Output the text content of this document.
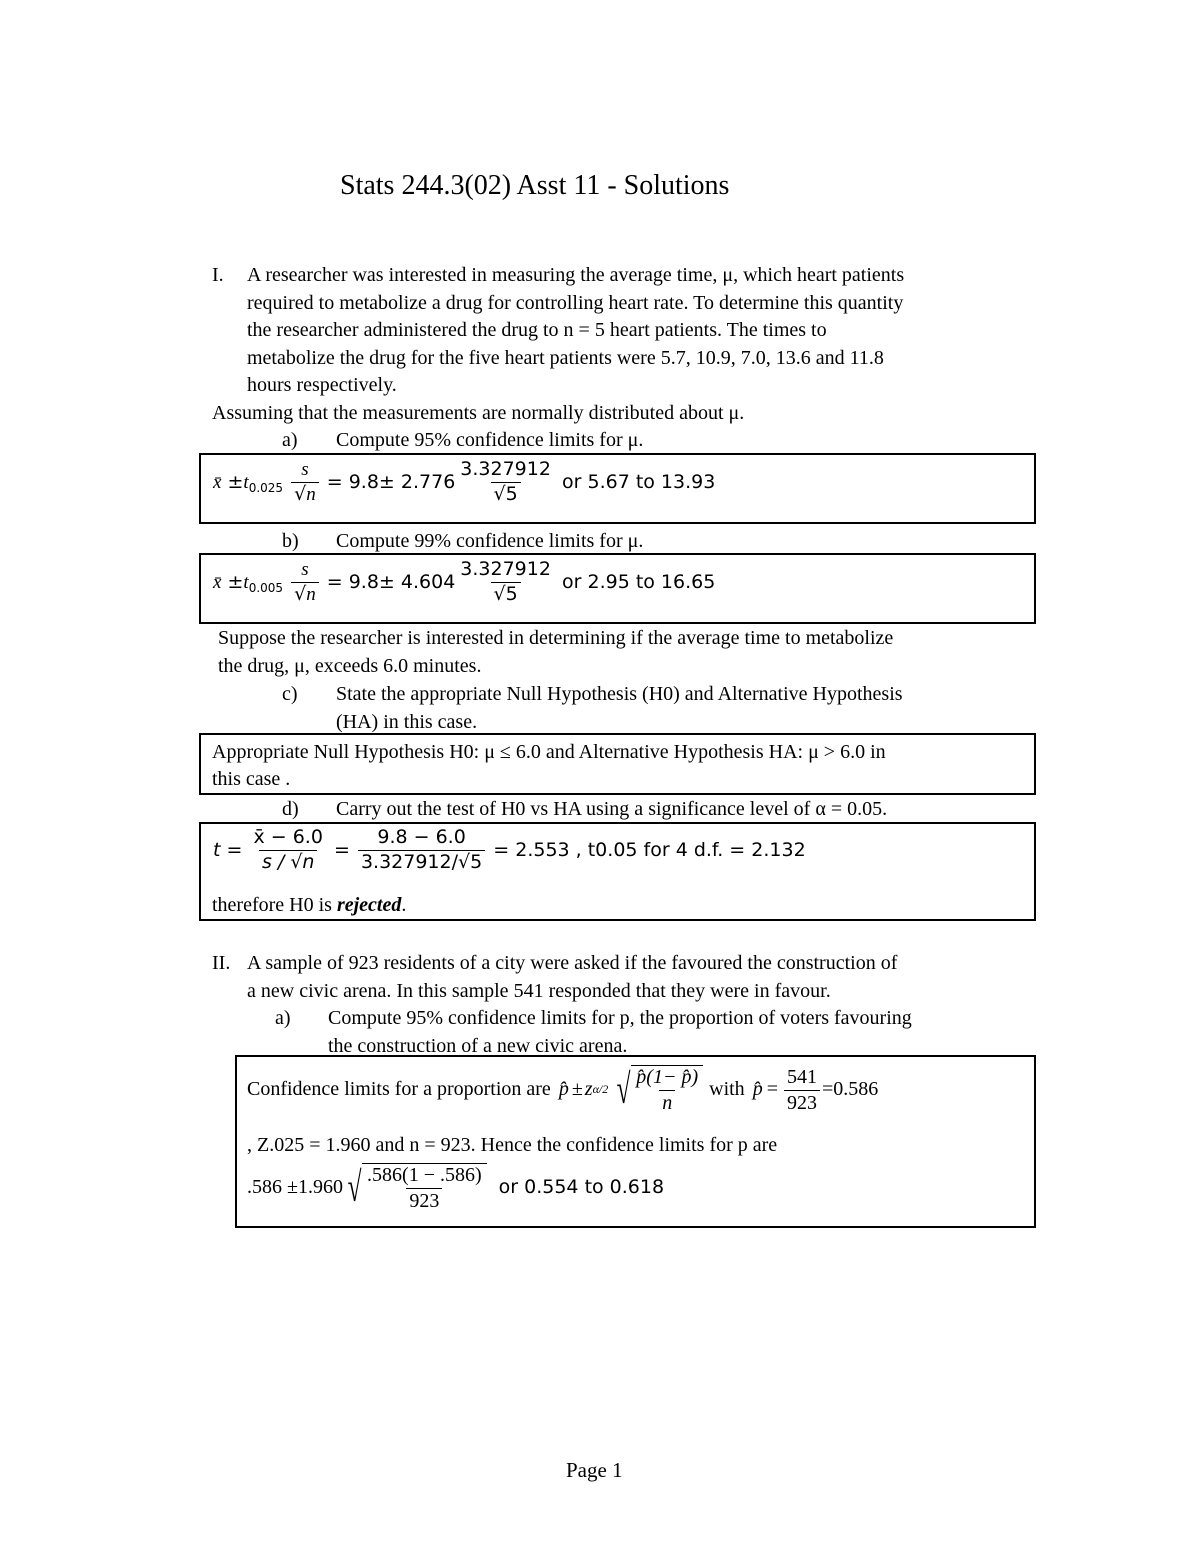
Stats 244.3(02) Asst 11 - Solutions
I. A researcher was interested in measuring the average time, μ, which heart patients
required to metabolize a drug for controlling heart rate. To determine this quantity
the researcher administered the drug to n = 5 heart patients. The times to
metabolize the drug for the five heart patients were 5.7, 10.9, 7.0, 13.6 and 11.8
hours respectively.
Assuming that the measurements are normally distributed about μ.
a) Compute 95% confidence limits for μ.
x̄ $\pm t_{0.025} \frac{s}{√n} = 9.8\pm 2.776 \frac{3.327912}{√5}$ or 5.67 to 13.93
b) Compute 99% confidence limits for μ.
x̄ $\pm t_{0.005} \frac{s}{√n} = 9.8\pm 4.604 \frac{3.327912}{√5}$ or 2.95 to 16.65
Suppose the researcher is interested in determining if the average time to metabolize
the drug, μ, exceeds 6.0 minutes.
c) State the appropriate Null Hypothesis (H0) and Alternative Hypothesis
(HA) in this case.
Appropriate Null Hypothesis H0: μ ≤ 6.0 and Alternative Hypothesis HA: μ > 6.0 in
this case .
d) Carry out the test of H0 vs HA using a significance level of α = 0.05.
$t = \frac{x̄ - 6.0}{s / √n} = \frac{9.8 - 6.0}{3.327912/√5} = 2.553$ , t0.05 for 4 d.f. = 2.132
therefore H0 is rejected.
II. A sample of 923 residents of a city were asked if the favoured the construction of
a new civic arena. In this sample 541 responded that they were in favour.
a) Compute 95% confidence limits for p, the proportion of voters favouring
the construction of a new civic arena.
Confidence limits for a proportion are p̂ ± z α/2 √ $\frac{p̂(1- p̂)}{n}$ with p̂ = $\frac{541}{923} =0.586$
, Z.025 = 1.960 and n = 923. Hence the confidence limits for p are
.586 ±1.960 √ $\frac{.586(1 - .586)}{923}$ or 0.554 to 0.618
Page 1
